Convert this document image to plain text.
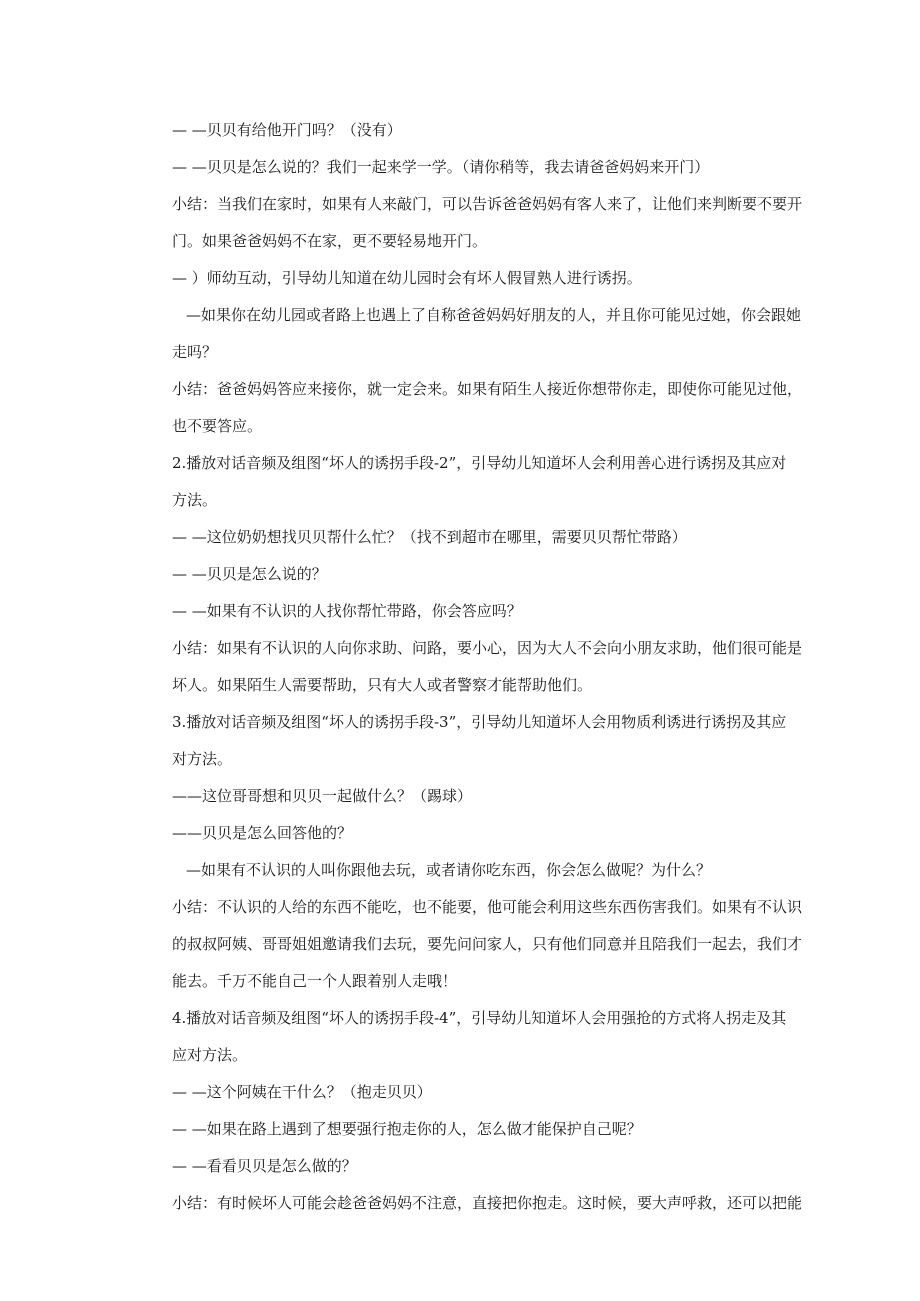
— —贝贝有给他开门吗？（没有）
— —贝贝是怎么说的？我们一起来学一学。（请你稍等，我去请爸爸妈妈来开门）
小结：当我们在家时，如果有人来敲门，可以告诉爸爸妈妈有客人来了，让他们来判断要不要开
门。如果爸爸妈妈不在家，更不要轻易地开门。
— ）师幼互动，引导幼儿知道在幼儿园时会有坏人假冒熟人进行诱拐。
—如果你在幼儿园或者路上也遇上了自称爸爸妈妈好朋友的人，并且你可能见过她，你会跟她
走吗？
小结：爸爸妈妈答应来接你，就一定会来。如果有陌生人接近你想带你走，即使你可能见过他，
也不要答应。
2.播放对话音频及组图“坏人的诱拐手段-2”，引导幼儿知道坏人会利用善心进行诱拐及其应对
方法。
— —这位奶奶想找贝贝帮什么忙？（找不到超市在哪里，需要贝贝帮忙带路）
— —贝贝是怎么说的？
— —如果有不认识的人找你帮忙带路，你会答应吗？
小结：如果有不认识的人向你求助、问路，要小心，因为大人不会向小朋友求助，他们很可能是
坏人。如果陌生人需要帮助，只有大人或者警察才能帮助他们。
3.播放对话音频及组图“坏人的诱拐手段-3”，引导幼儿知道坏人会用物质利诱进行诱拐及其应
对方法。
——这位哥哥想和贝贝一起做什么？（踢球）
——贝贝是怎么回答他的？
—如果有不认识的人叫你跟他去玩，或者请你吃东西，你会怎么做呢？为什么？
小结：不认识的人给的东西不能吃，也不能要，他可能会利用这些东西伤害我们。如果有不认识
的叔叔阿姨、哥哥姐姐邀请我们去玩，要先问问家人，只有他们同意并且陪我们一起去，我们才
能去。千万不能自己一个人跟着别人走哦！
4.播放对话音频及组图“坏人的诱拐手段-4”，引导幼儿知道坏人会用强抢的方式将人拐走及其
应对方法。
— —这个阿姨在干什么？（抱走贝贝）
— —如果在路上遇到了想要强行抱走你的人，怎么做才能保护自己呢？
— —看看贝贝是怎么做的？
小结：有时候坏人可能会趁爸爸妈妈不注意，直接把你抱走。这时候，要大声呼救，还可以把能
